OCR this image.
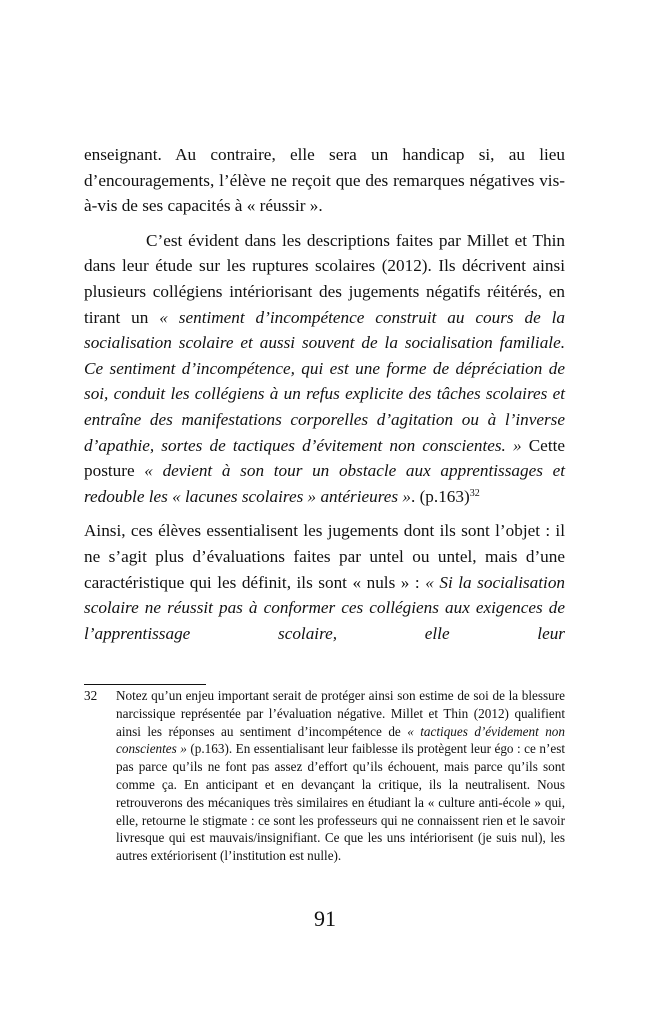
enseignant. Au contraire, elle sera un handicap si, au lieu d’encouragements, l’élève ne reçoit que des remarques négatives vis-à-vis de ses capacités à « réussir ».

C’est évident dans les descriptions faites par Millet et Thin dans leur étude sur les ruptures scolaires (2012). Ils décrivent ainsi plusieurs collégiens intériorisant des jugements négatifs réitérés, en tirant un « sentiment d’incompétence construit au cours de la socialisation scolaire et aussi souvent de la socialisation familiale. Ce sentiment d’incompétence, qui est une forme de dépréciation de soi, conduit les collégiens à un refus explicite des tâches scolaires et entraîne des manifestations corporelles d’agitation ou à l’inverse d’apathie, sortes de tactiques d’évitement non conscientes. » Cette posture « devient à son tour un obstacle aux apprentissages et redouble les « lacunes scolaires » antérieures ». $(p.163)^{32}$

Ainsi, ces élèves essentialisent les jugements dont ils sont l’objet : il ne s’agit plus d’évaluations faites par untel ou untel, mais d’une caractéristique qui les définit, ils sont « nuls » : « Si la socialisation scolaire ne réussit pas à conformer ces collégiens aux exigences de l’apprentissage scolaire, elle leur

32 Notez qu’un enjeu important serait de protéger ainsi son estime de soi de la blessure narcissique représentée par l’évaluation négative. Millet et Thin (2012) qualifient ainsi les réponses au sentiment d’incompétence de « tactiques d’évidement non conscientes » (p.163). En essentialisant leur faiblesse ils protègent leur égo : ce n’est pas parce qu’ils ne font pas assez d’effort qu’ils échouent, mais parce qu’ils sont comme ça. En anticipant et en devançant la critique, ils la neutralisent. Nous retrouverons des mécaniques très similaires en étudiant la « culture anti-école » qui, elle, retourne le stigmate : ce sont les professeurs qui ne connaissent rien et le savoir livresque qui est mauvais/insignifiant. Ce que les uns intériorisent (je suis nul), les autres extériorisent (l’institution est nulle).
91
